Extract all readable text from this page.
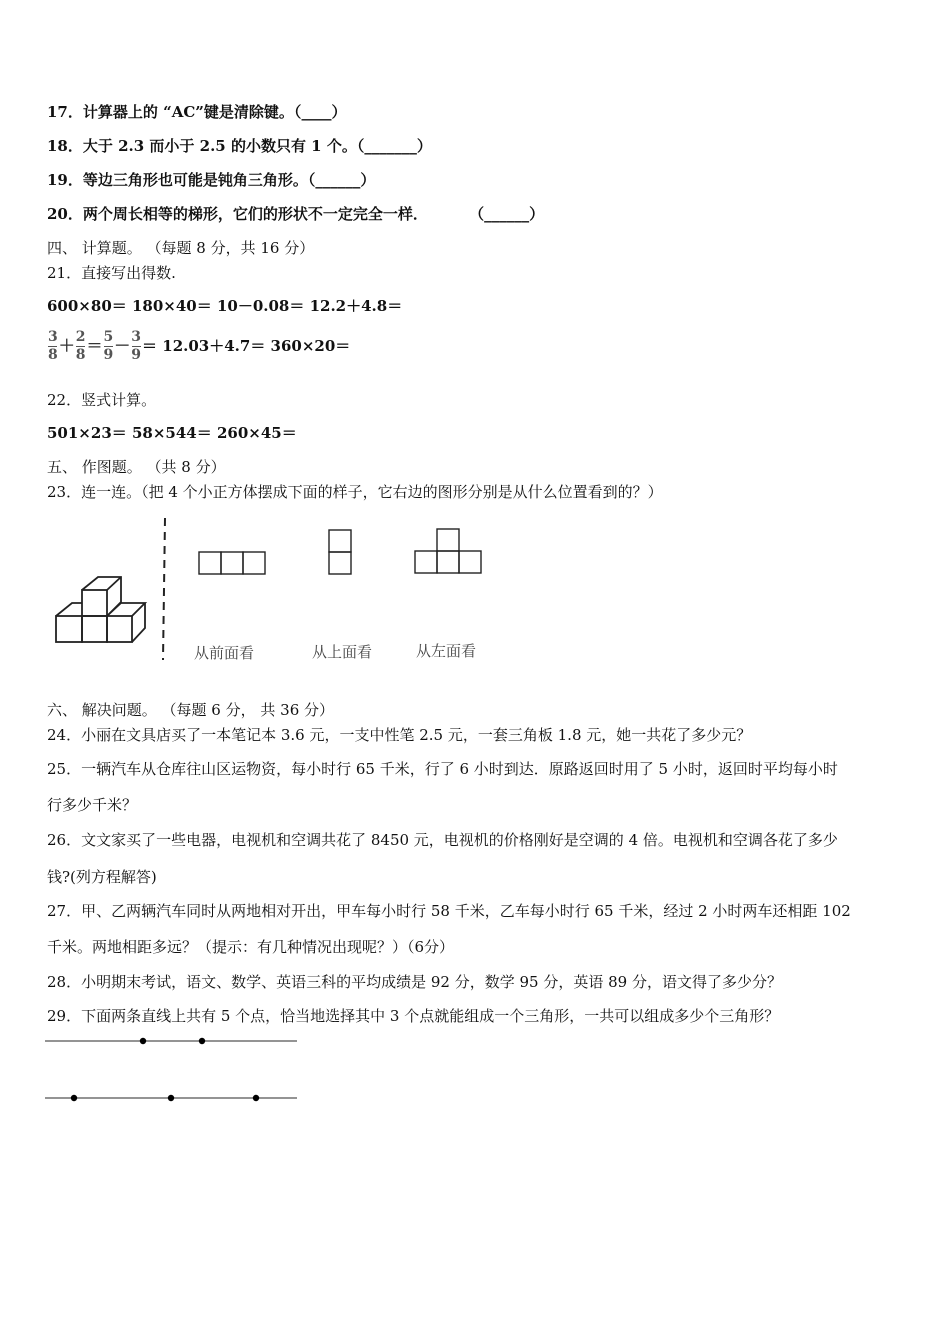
17．计算器上的 “AC”键是清除键。（____）
18．大于 2.3 而小于 2.5 的小数只有 1 个。（_______）
19．等边三角形也可能是钝角三角形。（______）
20．两个周长相等的梯形，它们的形状不一定完全一样．	（______）
四、 计算题。 （每题 8 分，共 16 分）
21．直接写出得数.
600×80＝ 180×40＝ 10－0.08＝ 12.2＋4.8＝
$\frac{3}{8} + \frac{2}{8} = \frac{5}{9} - \frac{3}{9} = 12.03+4.7= 360\times 20=$
22．竖式计算。
501×23＝ 58×544＝ 260×45＝
五、 作图题。 （共 8 分）
23．连一连。（把 4 个小正方体摆成下面的样子，它右边的图形分别是从什么位置看到的？）
从前面看	从上面看	从左面看
六、 解决问题。 （每题 6 分， 共 36 分）
24．小丽在文具店买了一本笔记本 3.6 元，一支中性笔 2.5 元，一套三角板 1.8 元，她一共花了多少元？
25．一辆汽车从仓库往山区运物资，每小时行 65 千米，行了 6 小时到达．原路返回时用了 5 小时，返回时平均每小时
行多少千米？
26．文文家买了一些电器，电视机和空调共花了 8450 元，电视机的价格刚好是空调的 4 倍。电视机和空调各花了多少
钱?(列方程解答)
27．甲、乙两辆汽车同时从两地相对开出，甲车每小时行 58 千米，乙车每小时行 65 千米，经过 2 小时两车还相距 102
千米。两地相距多远？（提示：有几种情况出现呢？）（6分）
28．小明期末考试，语文、数学、英语三科的平均成绩是 92 分，数学 95 分，英语 89 分，语文得了多少分？
29．下面两条直线上共有 5 个点，恰当地选择其中 3 个点就能组成一个三角形，一共可以组成多少个三角形？
